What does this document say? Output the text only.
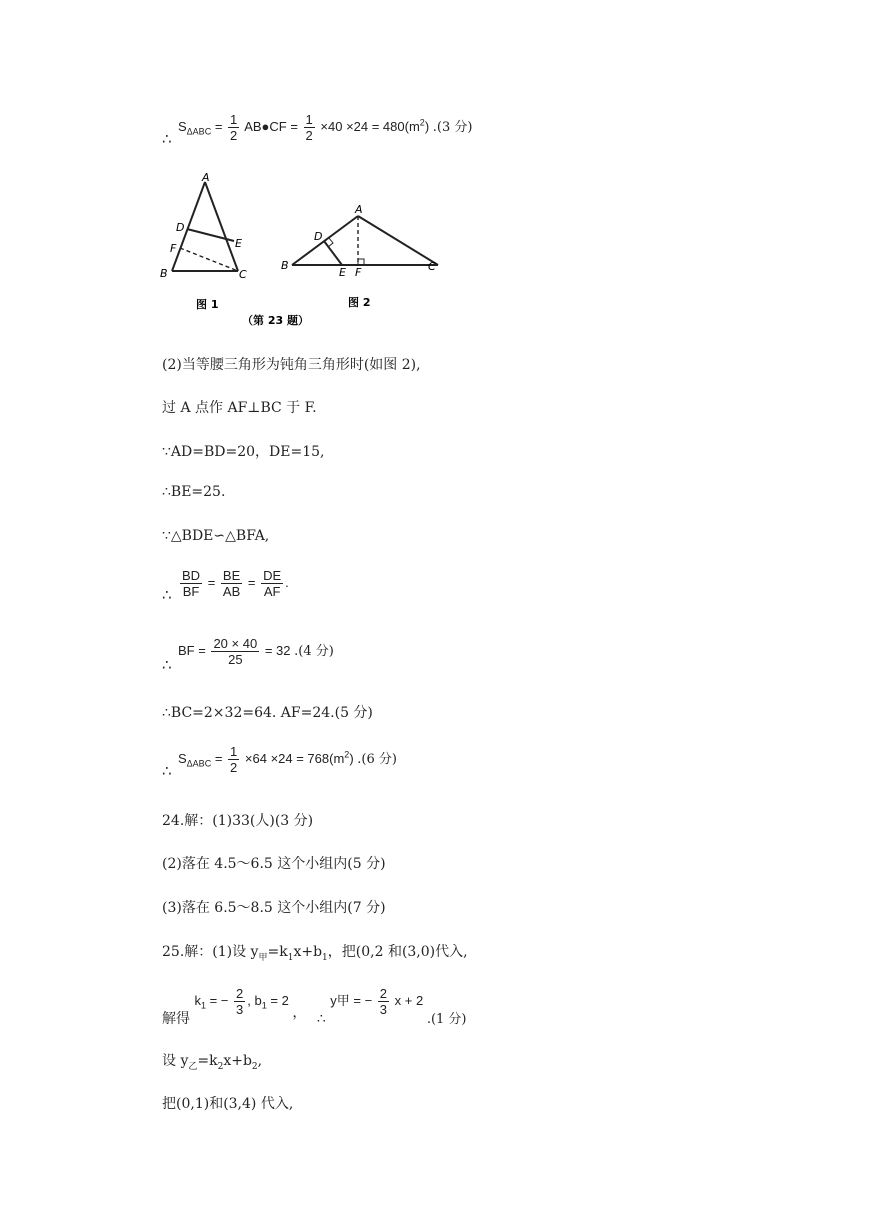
∴
$S_{\Delta ABC} = \frac{1}{2}$ AB●CF = $\frac{1}{2} \times 40 \times 24 = 480(m^2)$ .(3 分)
A
D
E
F
B	C
A
D
B
E F	C
图 1	图 2
（第 23 题）
(2)当等腰三角形为钝角三角形时(如图 2),
过 A 点作 AF⊥BC 于 F.
∵AD=BD=20，DE=15,
∴BE=25.
∵△BDE∽△BFA,
∴ $\frac{BD}{BF} = \frac{BE}{AB} = \frac{DE}{AF}$ .
∴
BF = $\frac{20 \times 40}{25} = 32$ .(4 分)
∴BC=2×32=64. AF=24.(5 分)
∴
$S_{\Delta ABC} = \frac{1}{2} \times 64 \times 24 = 768(m^2)$ .(6 分)
24.解：(1)33(人)(3 分)
(2)落在 4.5～6.5 这个小组内(5 分)
(3)落在 6.5～8.5 这个小组内(7 分)
25.解：(1)设 $y_甲=k_1x+b_1$，把(0,2 和(3,0)代入,
解得 $k_1$ = − $\frac{2}{3}$ , $b_1 = 2$ ， ∴ y甲 = − $\frac{2}{3}$ x + 2 .(1 分)
设 $y_乙=k_2x+b_2$,
把(0,1)和(3,4) 代入,
